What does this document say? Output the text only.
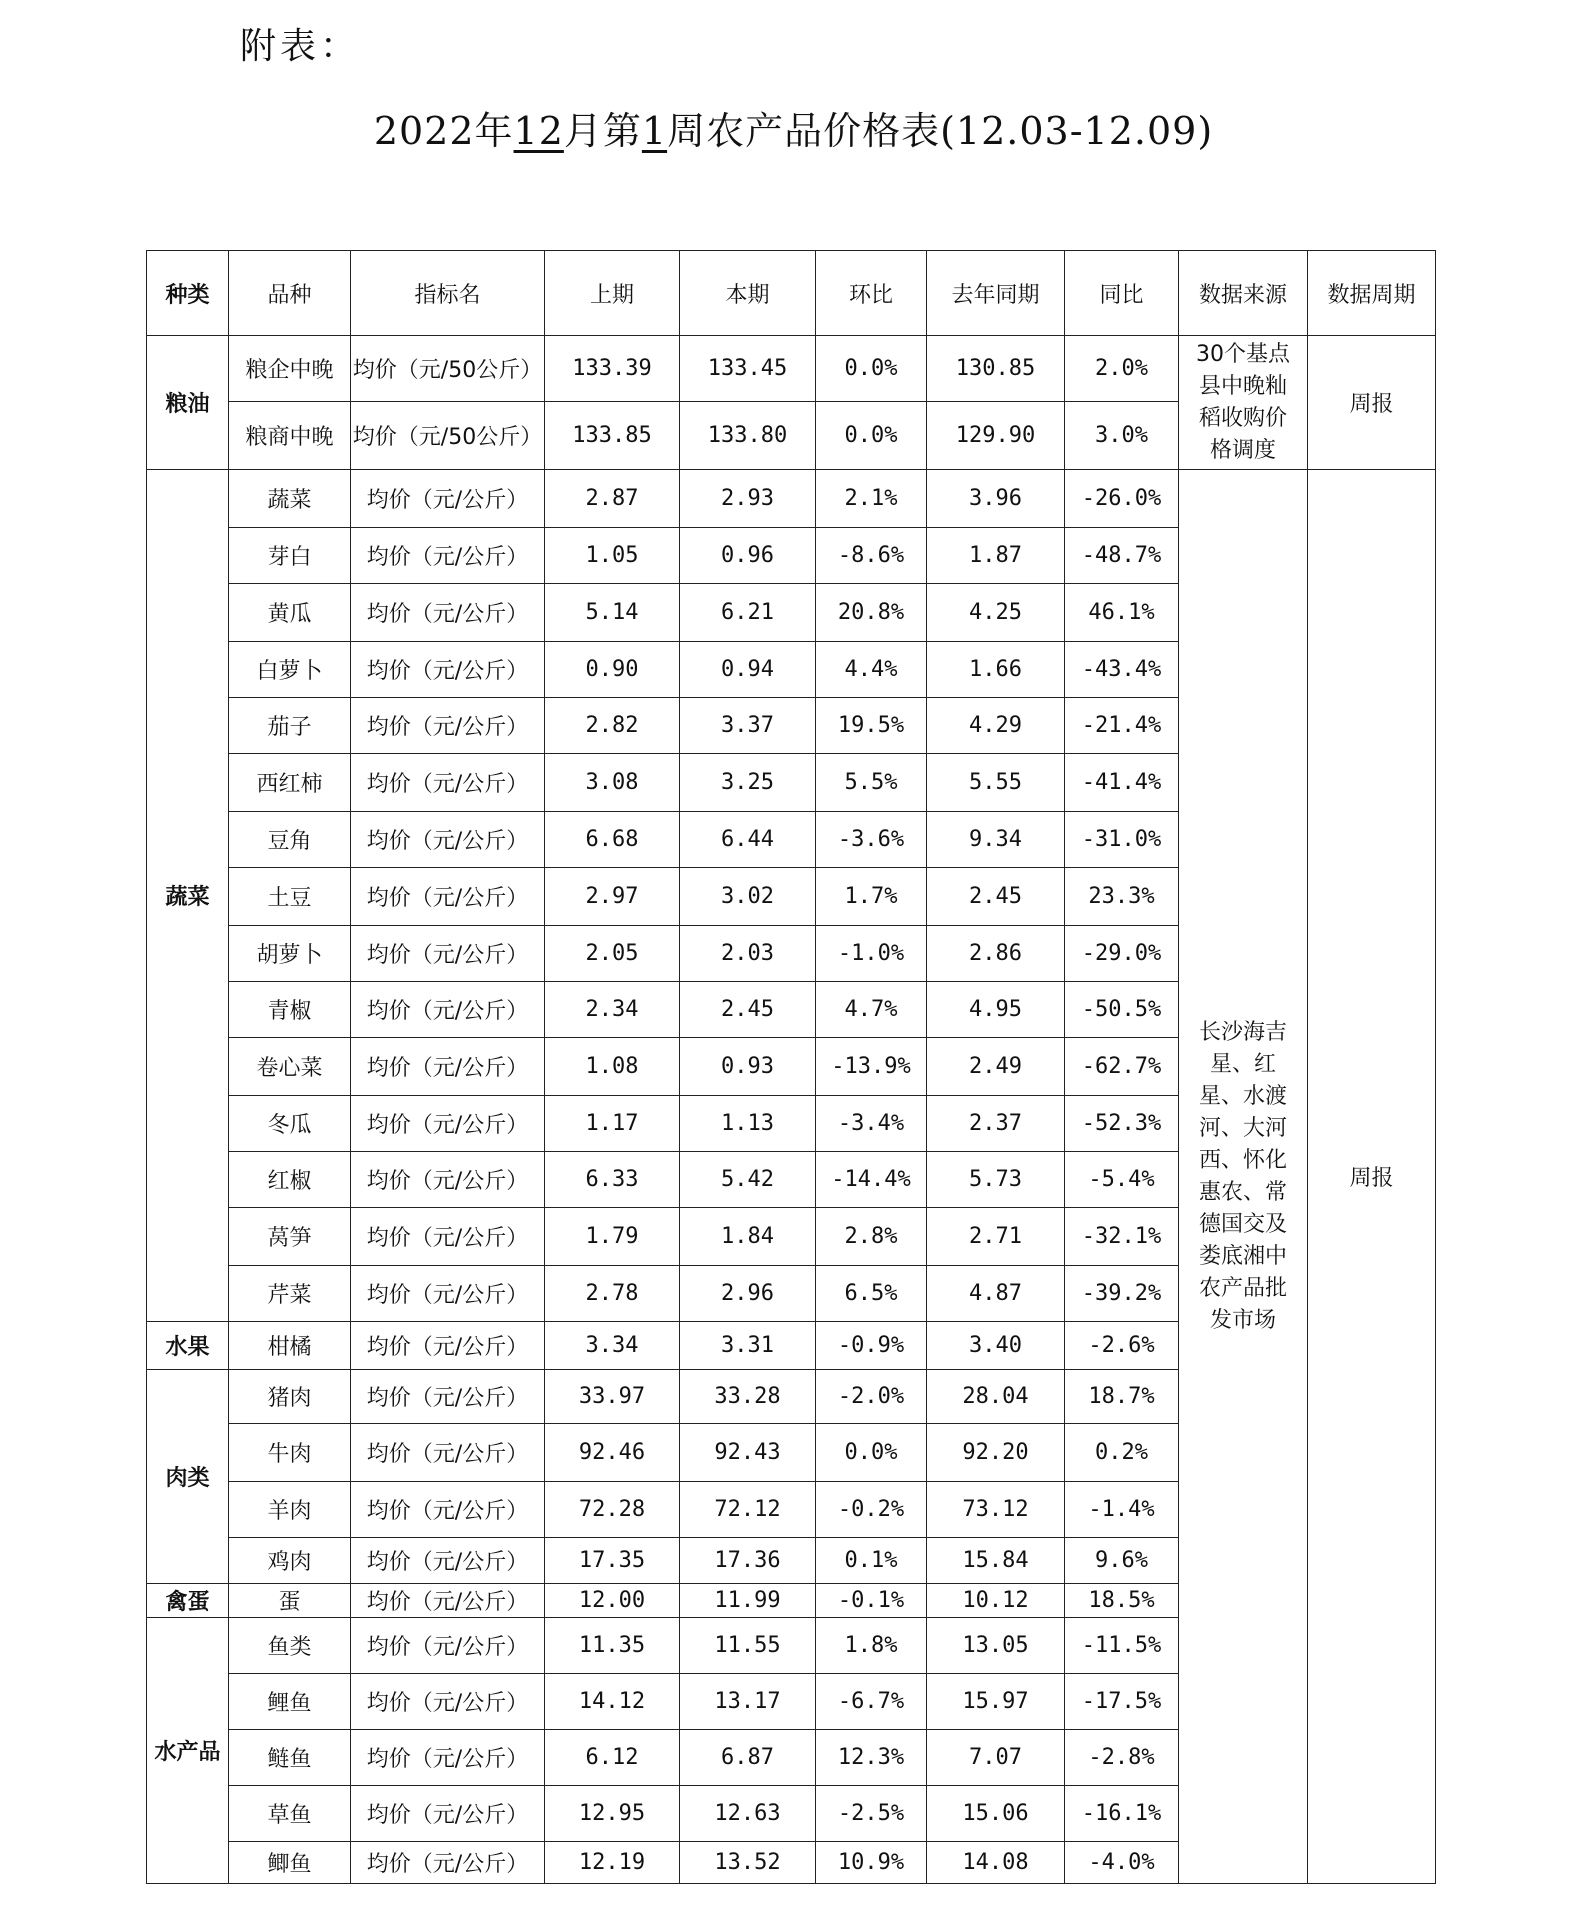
附表：
2022年12月第1周农产品价格表(12.03-12.09)
种类	品种	指标名	上期	本期	环比	去年同期	同比	数据来源	数据周期
粮油	粮企中晚	均价（元/50公斤）	133.39	133.45	0.0%	130.85	2.0%	30个基点县中晚籼稻收购价格调度	周报
	粮商中晚	均价（元/50公斤）	133.85	133.80	0.0%	129.90	3.0%		
蔬菜	蔬菜	均价（元/公斤）	2.87	2.93	2.1%	3.96	-26.0%	长沙海吉星、红星、水渡河、大河西、怀化惠农、常德国交及娄底湘中农产品批发市场	周报
	芽白	均价（元/公斤）	1.05	0.96	-8.6%	1.87	-48.7%		
	黄瓜	均价（元/公斤）	5.14	6.21	20.8%	4.25	46.1%		
	白萝卜	均价（元/公斤）	0.90	0.94	4.4%	1.66	-43.4%		
	茄子	均价（元/公斤）	2.82	3.37	19.5%	4.29	-21.4%		
	西红柿	均价（元/公斤）	3.08	3.25	5.5%	5.55	-41.4%		
	豆角	均价（元/公斤）	6.68	6.44	-3.6%	9.34	-31.0%		
	土豆	均价（元/公斤）	2.97	3.02	1.7%	2.45	23.3%		
	胡萝卜	均价（元/公斤）	2.05	2.03	-1.0%	2.86	-29.0%		
	青椒	均价（元/公斤）	2.34	2.45	4.7%	4.95	-50.5%		
	卷心菜	均价（元/公斤）	1.08	0.93	-13.9%	2.49	-62.7%		
	冬瓜	均价（元/公斤）	1.17	1.13	-3.4%	2.37	-52.3%		
	红椒	均价（元/公斤）	6.33	5.42	-14.4%	5.73	-5.4%		
	莴笋	均价（元/公斤）	1.79	1.84	2.8%	2.71	-32.1%		
	芹菜	均价（元/公斤）	2.78	2.96	6.5%	4.87	-39.2%		
水果	柑橘	均价（元/公斤）	3.34	3.31	-0.9%	3.40	-2.6%		
肉类	猪肉	均价（元/公斤）	33.97	33.28	-2.0%	28.04	18.7%		
	牛肉	均价（元/公斤）	92.46	92.43	0.0%	92.20	0.2%		
	羊肉	均价（元/公斤）	72.28	72.12	-0.2%	73.12	-1.4%		
	鸡肉	均价（元/公斤）	17.35	17.36	0.1%	15.84	9.6%		
禽蛋	蛋	均价（元/公斤）	12.00	11.99	-0.1%	10.12	18.5%		
水产品	鱼类	均价（元/公斤）	11.35	11.55	1.8%	13.05	-11.5%		
	鲤鱼	均价（元/公斤）	14.12	13.17	-6.7%	15.97	-17.5%		
	鲢鱼	均价（元/公斤）	6.12	6.87	12.3%	7.07	-2.8%		
	草鱼	均价（元/公斤）	12.95	12.63	-2.5%	15.06	-16.1%		
	鲫鱼	均价（元/公斤）	12.19	13.52	10.9%	14.08	-4.0%		
